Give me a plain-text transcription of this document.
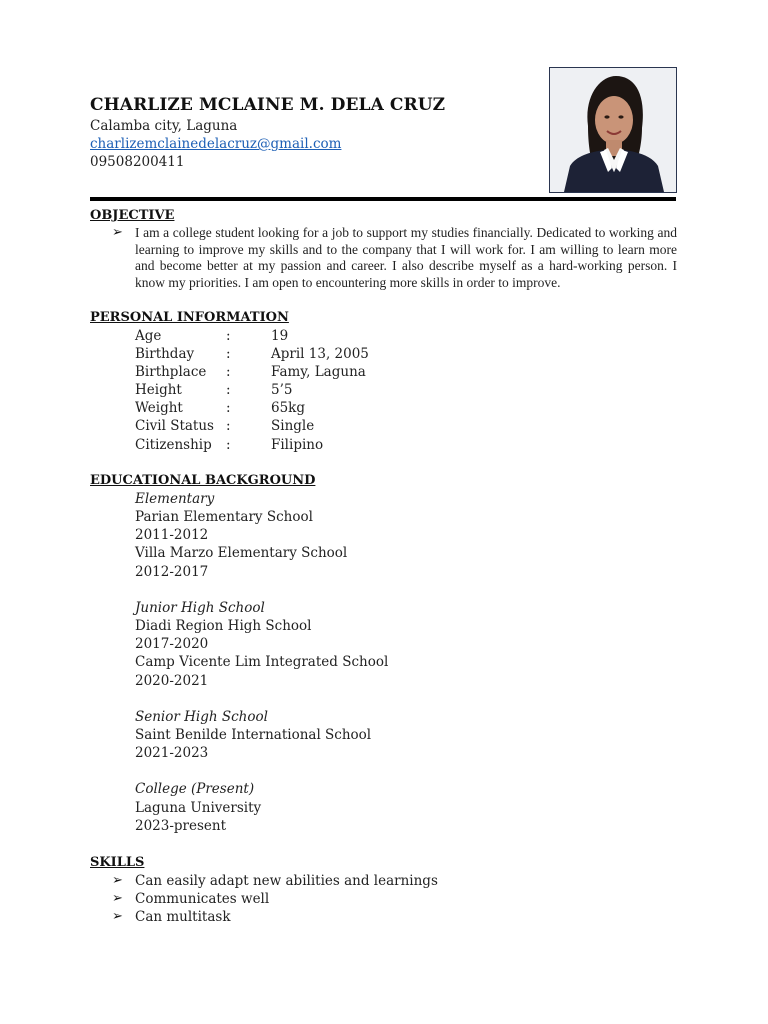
CHARLIZE MCLAINE M. DELA CRUZ
Calamba city, Laguna
charlizemclainedelacruz@gmail.com
09508200411
OBJECTIVE
➢ I am a college student looking for a job to support my studies financially. Dedicated to working and learning to improve my skills and to the company that I will work for. I am willing to learn more and become better at my passion and career. I also describe myself as a hard-working person. I know my priorities. I am open to encountering more skills in order to improve.
PERSONAL INFORMATION
Age	:	19
Birthday :	April 13, 2005
Birthplace :	Famy, Laguna
Height	:	5’5
Weight	:	65kg
Civil Status :	Single
Citizenship :	Filipino
EDUCATIONAL BACKGROUND
Elementary
Parian Elementary School
2011-2012
Villa Marzo Elementary School
2012-2017
Junior High School
Diadi Region High School
2017-2020
Camp Vicente Lim Integrated School
2020-2021
Senior High School
Saint Benilde International School
2021-2023
College (Present)
Laguna University
2023-present
SKILLS
➢ Can easily adapt new abilities and learnings
➢ Communicates well
➢ Can multitask
